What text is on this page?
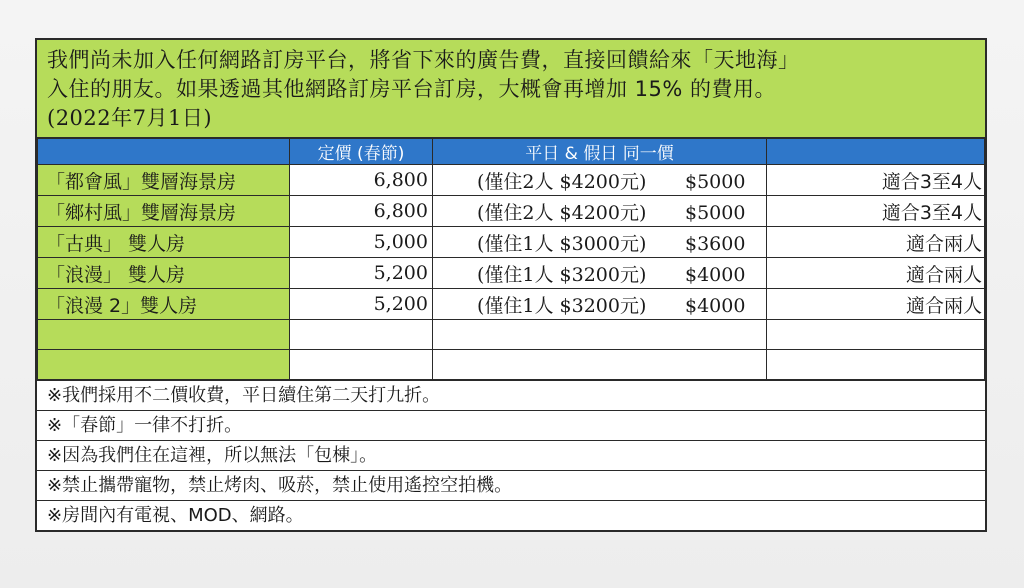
我們尚未加入任何網路訂房平台，將省下來的廣告費，直接回饋給來「天地海」
入住的朋友。如果透過其他網路訂房平台訂房，大概會再增加 15% 的費用。
(2022年7月1日)
	定價 (春節)	平日 & 假日 同一價	
「都會風」雙層海景房	6,800	(僅住2人 $4200元) $5000	適合3至4人
「鄉村風」雙層海景房	6,800	(僅住2人 $4200元) $5000	適合3至4人
「古典」 雙人房	5,000	(僅住1人 $3000元) $3600	適合兩人
「浪漫」 雙人房	5,200	(僅住1人 $3200元) $4000	適合兩人
「浪漫 2」雙人房	5,200	(僅住1人 $3200元) $4000	適合兩人

※我們採用不二價收費，平日續住第二天打九折。
※「春節」一律不打折。
※因為我們住在這裡，所以無法「包棟」。
※禁止攜帶寵物，禁止烤肉、吸菸，禁止使用遙控空拍機。
※房間內有電視、MOD、網路。
